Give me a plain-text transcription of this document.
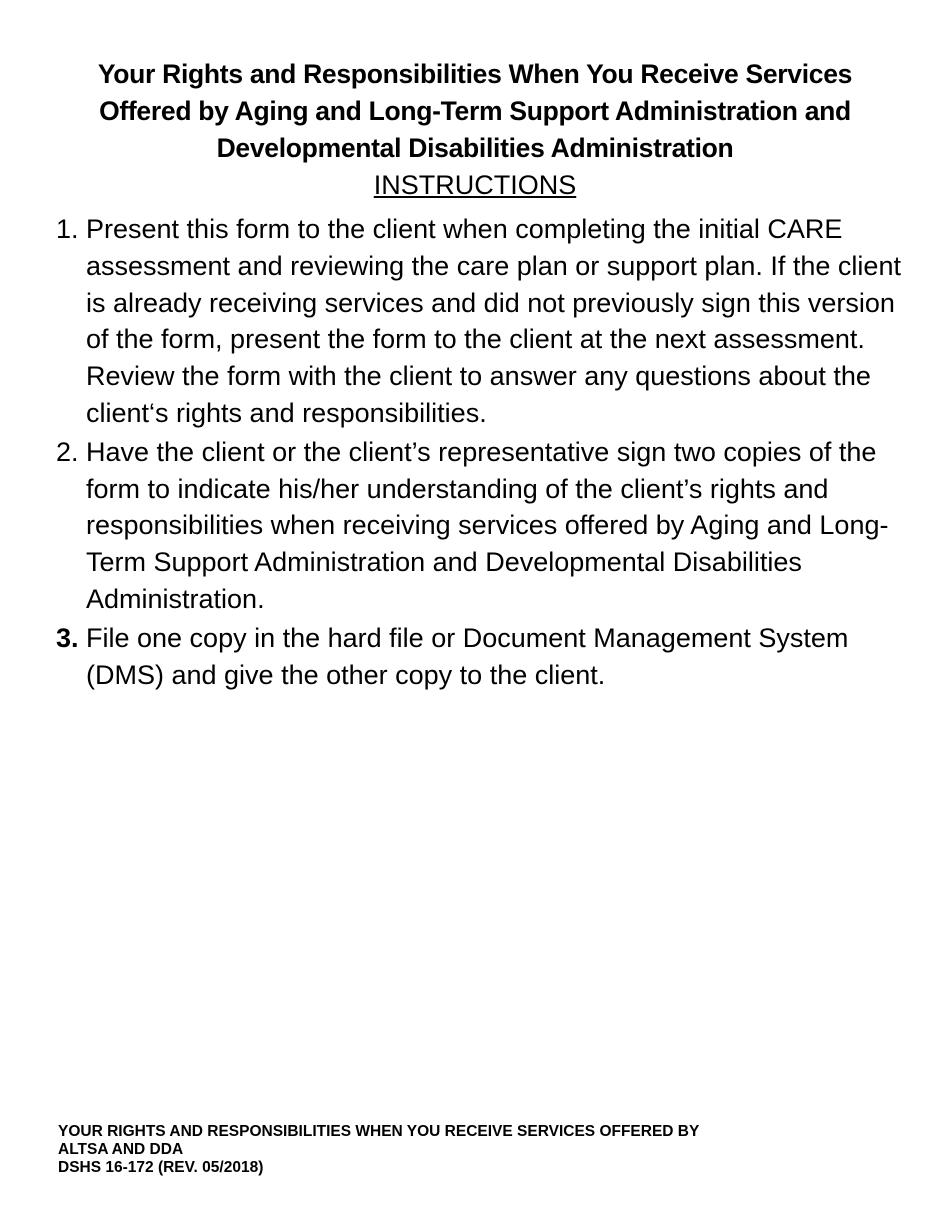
Your Rights and Responsibilities When You Receive Services
Offered by Aging and Long-Term Support Administration and
Developmental Disabilities Administration
INSTRUCTIONS
1. Present this form to the client when completing the initial CARE assessment and reviewing the care plan or support plan. If the client is already receiving services and did not previously sign this version of the form, present the form to the client at the next assessment. Review the form with the client to answer any questions about the client‘s rights and responsibilities.
2. Have the client or the client’s representative sign two copies of the form to indicate his/her understanding of the client’s rights and responsibilities when receiving services offered by Aging and Long-Term Support Administration and Developmental Disabilities Administration.
3. File one copy in the hard file or Document Management System (DMS) and give the other copy to the client.
YOUR RIGHTS AND RESPONSIBILITIES WHEN YOU RECEIVE SERVICES OFFERED BY
ALTSA AND DDA
DSHS 16-172 (REV. 05/2018)
